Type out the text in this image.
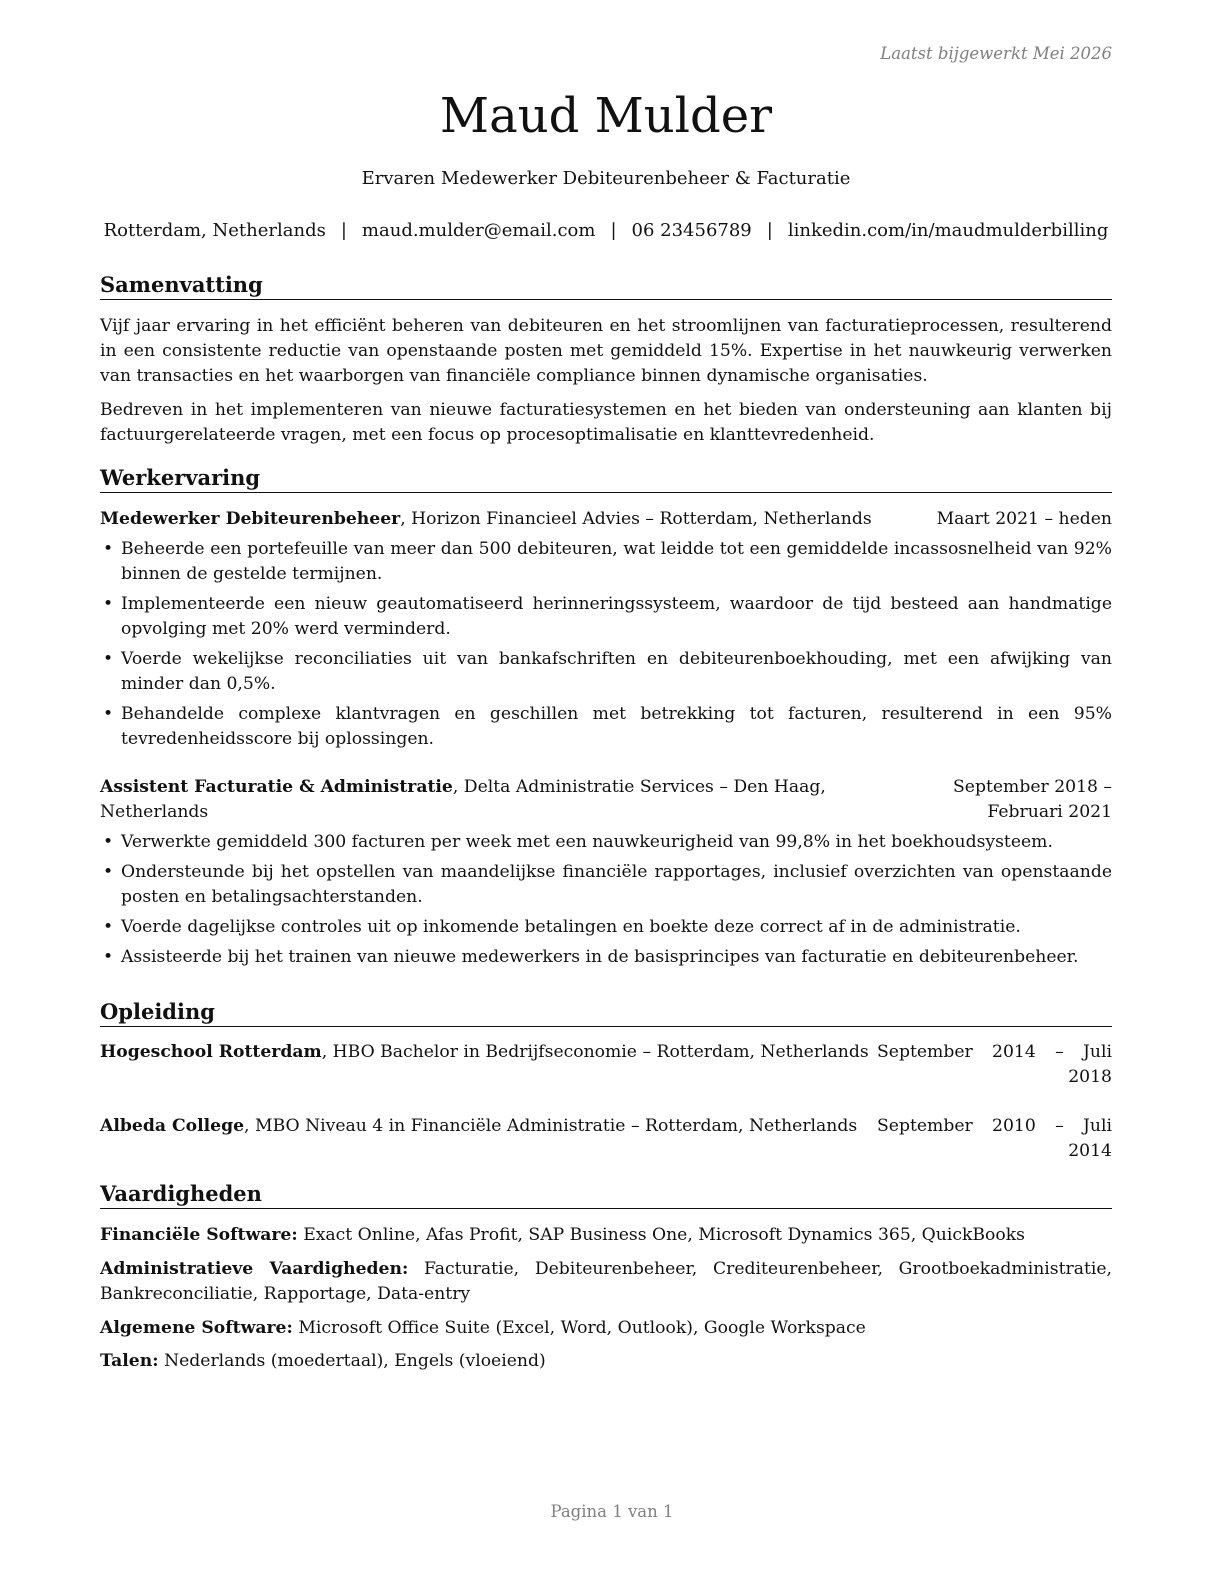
Laatst bijgewerkt Mei 2026
Maud Mulder
Ervaren Medewerker Debiteurenbeheer & Facturatie
Rotterdam, Netherlands | maud.mulder@email.com | 06 23456789 | linkedin.com/in/maudmulderbilling
Samenvatting
Vijf jaar ervaring in het efficiënt beheren van debiteuren en het stroomlijnen van facturatieprocessen, resulterend in een consistente reductie van openstaande posten met gemiddeld 15%. Expertise in het nauwkeurig verwerken van transacties en het waarborgen van financiële compliance binnen dynamische organisaties.
Bedreven in het implementeren van nieuwe facturatiesystemen en het bieden van ondersteuning aan klanten bij factuurgerelateerde vragen, met een focus op procesoptimalisatie en klanttevredenheid.
Werkervaring
Medewerker Debiteurenbeheer, Horizon Financieel Advies – Rotterdam, Netherlands	Maart 2021 – heden
• Beheerde een portefeuille van meer dan 500 debiteuren, wat leidde tot een gemiddelde incassosnelheid van 92% binnen de gestelde termijnen.
• Implementeerde een nieuw geautomatiseerd herinneringssysteem, waardoor de tijd besteed aan handmatige opvolging met 20% werd verminderd.
• Voerde wekelijkse reconciliaties uit van bankafschriften en debiteurenboekhouding, met een afwijking van minder dan 0,5%.
• Behandelde complexe klantvragen en geschillen met betrekking tot facturen, resulterend in een 95% tevredenheidsscore bij oplossingen.
Assistent Facturatie & Administratie, Delta Administratie Services – Den Haag, Netherlands
September 2018 – Februari 2021
• Verwerkte gemiddeld 300 facturen per week met een nauwkeurigheid van 99,8% in het boekhoudsysteem.
• Ondersteunde bij het opstellen van maandelijkse financiële rapportages, inclusief overzichten van openstaande posten en betalingsachterstanden.
• Voerde dagelijkse controles uit op inkomende betalingen en boekte deze correct af in de administratie.
• Assisteerde bij het trainen van nieuwe medewerkers in de basisprincipes van facturatie en debiteurenbeheer.
Opleiding
Hogeschool Rotterdam, HBO Bachelor in Bedrijfseconomie – Rotterdam, Netherlands September 2014 – Juli 2018
Albeda College, MBO Niveau 4 in Financiële Administratie – Rotterdam, Netherlands	September 2010 – Juli 2014
Vaardigheden
Financiële Software: Exact Online, Afas Profit, SAP Business One, Microsoft Dynamics 365, QuickBooks
Administratieve Vaardigheden: Facturatie, Debiteurenbeheer, Crediteurenbeheer, Grootboekadministratie, Bankreconciliatie, Rapportage, Data-entry
Algemene Software: Microsoft Office Suite (Excel, Word, Outlook), Google Workspace
Talen: Nederlands (moedertaal), Engels (vloeiend)
Pagina 1 van 1
